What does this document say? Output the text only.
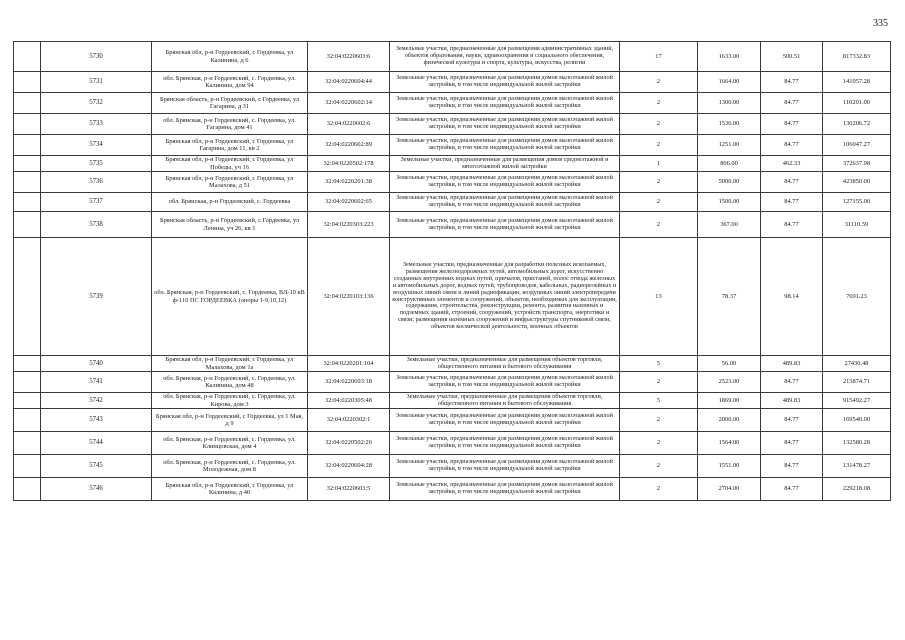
335
	5730	Брянская обл, р-н Гордеевский, с Гордеевка, ул Калинина, д 6	32:04:0220603:6	Земельные участки, предназначенные для размещения административных зданий, объектов образования, науки, здравоохранения и социального обеспечения, физической культуры и спорта, культуры, искусства, религии	17	1633.00	500.51	817332.83
	5731	обл. Брянская, р-н Гордеевский, с. Гордеевка, ул. Калинина, дом 94	32:04:0220604:44	Земельные участки, предназначенные для размещения домов малоэтажной жилой застройки, в том числе индивидуальной жилой застройки	2	1664.00	84.77	141057.28
	5732	Брянская область, р-н Гордеевский, с Гордеевка, ул Гагарина, д 31	32:04:0220602:14	Земельные участки, предназначенные для размещения домов малоэтажной жилой застройки, в том числе индивидуальной жилой застройки	2	1300.00	84.77	110201.00
	5733	обл. Брянская, р-н Гордеевский, с. Гордеевка, ул. Гагарина, дом 41	32:04:0220602:6	Земельные участки, предназначенные для размещения домов малоэтажной жилой застройки, в том числе индивидуальной жилой застройки	2	1536.00	84.77	130206.72
	5734	Брянская обл, р-н Гордеевский, с Гордеевка, ул Гагарина, дом 11, кв 2	32:04:0220602:89	Земельные участки, предназначенные для размещения домов малоэтажной жилой застройки, в том числе индивидуальной жилой застройки	2	1251.00	84.77	106047.27
	5735	Брянская обл, р-н Гордеевский, с Гордеевка, ул Победы, уч 16	32:04:0220502:178	Земельные участки, предназначенные для размещения домов среднеэтажной и многоэтажной жилой застройки	1	806.00	462.33	372637.98
	5736	Брянская обл, р-н Гордеевский, с Гордеевка, ул Малахова, д 51	32:04:0220201:38	Земельные участки, предназначенные для размещения домов малоэтажной жилой застройки, в том числе индивидуальной жилой застройки	2	5000.00	84.77	423850.00
	5737	обл. Брянская, р-н Гордеевский, с. Гордеевка	32:04:0220602:65	Земельные участки, предназначенные для размещения домов малоэтажной жилой застройки, в том числе индивидуальной жилой застройки	2	1500.00	84.77	127155.00
	5738	Брянская область, р-н Гордеевский, с Гордеевка, ул Ленина, уч 26, кв 1	32:04:0220303:223	Земельные участки, предназначенные для размещения домов малоэтажной жилой застройки, в том числе индивидуальной жилой застройки	2	367.00	84.77	31110.59
	5739	обл. Брянская, р-н Гордеевский, с. Гордеевка, ВЛ-10 кВ ф-110 ПС ГОРДЕЕВКА (опоры 1-9,10,12)	32:04:0220103:136	Земельные участки, предназначенные для разработки полезных ископаемых, размещения железнодорожных путей, автомобильных дорог, искусственно созданных внутренних водных путей, причалов, пристаней, полос отвода железных и автомобильных дорог, водных путей, трубопроводов, кабельных, радиорелейных и воздушных линий связи и линий радиофикации, воздушных линий электропередачи конструктивных элементов и сооружений, объектов, необходимых для эксплуатации, содержания, строительства, реконструкции, ремонта, развития наземных и подземных зданий, строений, сооружений, устройств транспорта, энергетики и связи; размещения наземных сооружений и инфраструктуры спутниковой связи, объектов космической деятельности, военных объектов	13	78.37	98.14	7691.23
	5740	Брянская обл, р-н Гордеевский, с Гордеевка, ул Малахова, дом 1а	32:04:0220201:104	Земельные участки, предназначенные для размещения объектов торговли, общественного питания и бытового обслуживания	5	56.00	489.83	27430.48
	5741	обл. Брянская, р-н Гордеевский, с. Гордеевка, ул. Калинина, дом 48	32:04:0220603:18	Земельные участки, предназначенные для размещения домов малоэтажной жилой застройки, в том числе индивидуальной жилой застройки	2	2523.00	84.77	213874.71
	5742	обл. Брянская, р-н Гордеевский, с. Гордеевка, ул. Кирова, дом 3	32:04:0220305:48	Земельные участки, предназначенные для размещения объектов торговли, общественного питания и бытового обслуживания	5	1869.00	489.83	915492.27
	5743	Брянская обл, р-н Гордеевский, с Гордеевка, ул 1 Мая, д 9	32:04:0220302:1	Земельные участки, предназначенные для размещения домов малоэтажной жилой застройки, в том числе индивидуальной жилой застройки	2	2000.00	84.77	169540.00
	5744	обл. Брянская, р-н Гордеевский, с. Гордеевка, ул. Клинцовская, дом 4	32:04:0220502:26	Земельные участки, предназначенные для размещения домов малоэтажной жилой застройки, в том числе индивидуальной жилой застройки	2	1564.00	84.77	132580.28
	5745	обл. Брянская, р-н Гордеевский, с. Гордеевка, ул. Молодежная, дом 8	32:04:0220604:28	Земельные участки, предназначенные для размещения домов малоэтажной жилой застройки, в том числе индивидуальной жилой застройки	2	1551.00	84.77	131478.27
	5746	Брянская обл, р-н Гордеевский, с Гордеевка, ул Калинина, д 40	32:04:0220603:5	Земельные участки, предназначенные для размещения домов малоэтажной жилой застройки, в том числе индивидуальной жилой застройки	2	2704.00	84.77	229218.08
